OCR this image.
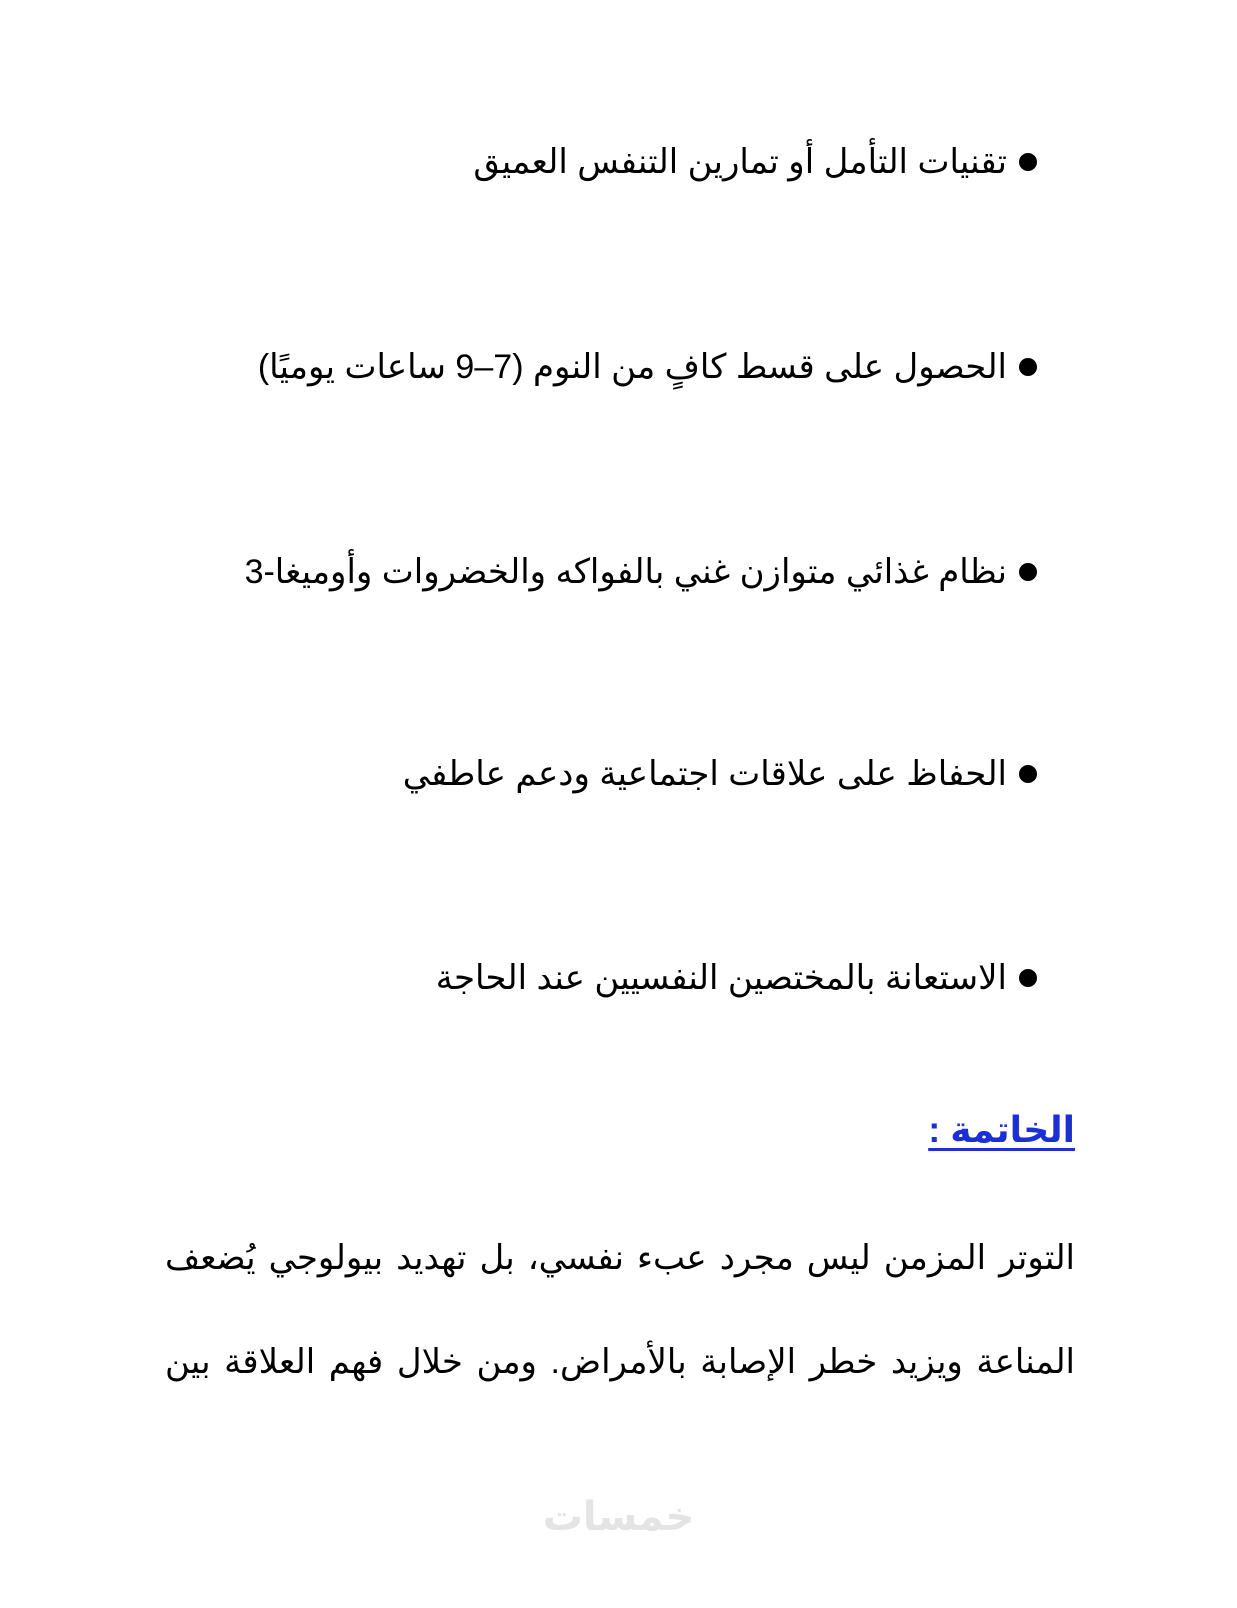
تقنيات التأمل أو تمارين التنفس العميق
الحصول على قسط كافٍ من النوم (7–9 ساعات يوميًا)
نظام غذائي متوازن غني بالفواكه والخضروات وأوميغا-3
الحفاظ على علاقات اجتماعية ودعم عاطفي
الاستعانة بالمختصين النفسيين عند الحاجة
الخاتمة :
التوتر المزمن ليس مجرد عبء نفسي، بل تهديد بيولوجي يُضعف
المناعة ويزيد خطر الإصابة بالأمراض. ومن خلال فهم العلاقة بين
خمسات
